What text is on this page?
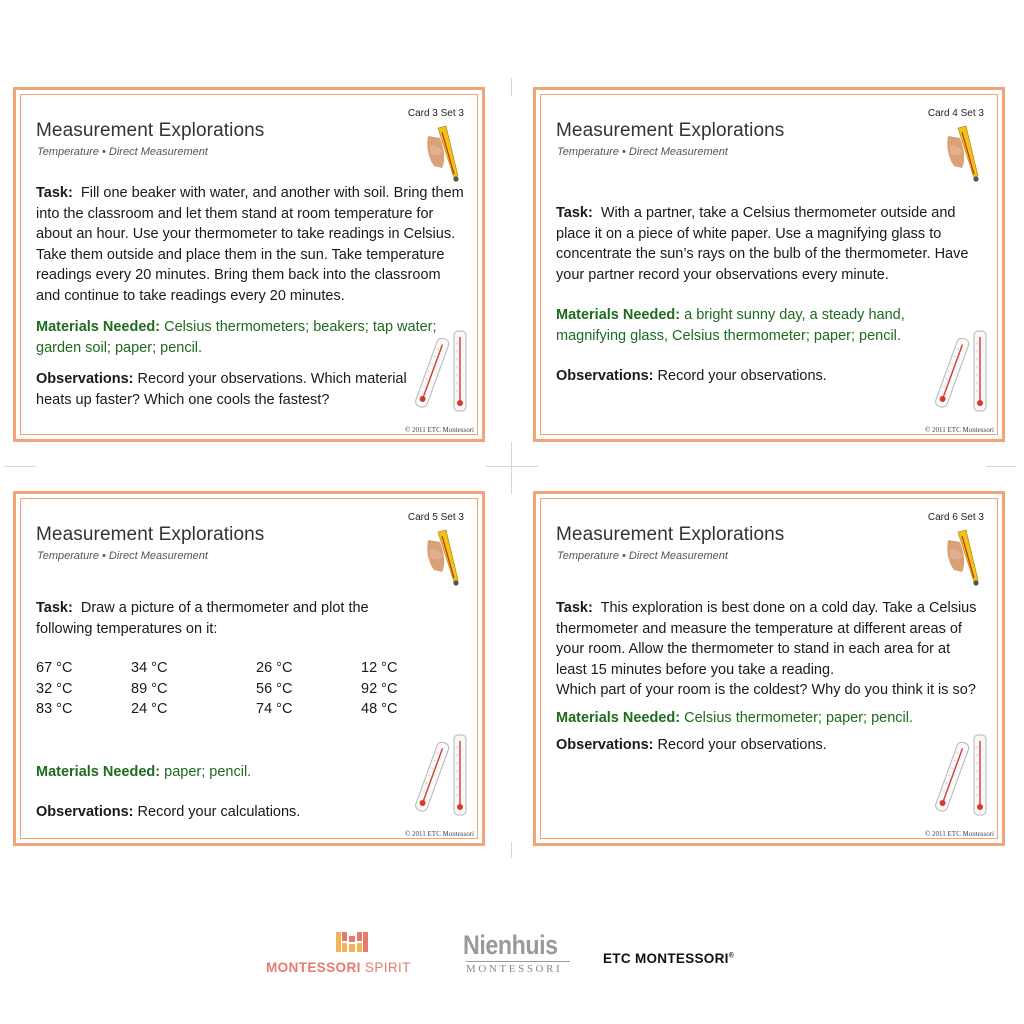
Card 3 Set 3
Measurement Explorations
Temperature • Direct Measurement

Task: Fill one beaker with water, and another with soil. Bring them into the classroom and let them stand at room temperature for about an hour. Use your thermometer to take readings in Celsius. Take them outside and place them in the sun. Take temperature readings every 20 minutes. Bring them back into the classroom and continue to take readings every 20 minutes.

Materials Needed: Celsius thermometers; beakers; tap water; garden soil; paper; pencil.

Observations: Record your observations. Which material heats up faster? Which one cools the fastest?

© 2011 ETC Montessori
Card 4 Set 3
Measurement Explorations
Temperature • Direct Measurement

Task: With a partner, take a Celsius thermometer outside and place it on a piece of white paper. Use a magnifying glass to concentrate the sun’s rays on the bulb of the thermometer. Have your partner record your observations every minute.

Materials Needed: a bright sunny day, a steady hand, magnifying glass, Celsius thermometer; paper; pencil.

Observations: Record your observations.

© 2011 ETC Montessori
Card 5 Set 3
Measurement Explorations
Temperature • Direct Measurement

Task: Draw a picture of a thermometer and plot the following temperatures on it:

67 °C	34 °C	26 °C	12 °C
32 °C	89 °C	56 °C	92 °C
83 °C	24 °C	74 °C	48 °C

Materials Needed: paper; pencil.

Observations: Record your calculations.

© 2011 ETC Montessori
Card 6 Set 3
Measurement Explorations
Temperature • Direct Measurement

Task: This exploration is best done on a cold day. Take a Celsius thermometer and measure the temperature at different areas of your room. Allow the thermometer to stand in each area for at least 15 minutes before you take a reading.

Which part of your room is the coldest? Why do you think it is so?

Materials Needed: Celsius thermometer; paper; pencil.

Observations: Record your observations.

© 2011 ETC Montessori
MONTESSORI SPIRIT
Nienhuis
MONTESSORI
ETC MONTESSORI®
